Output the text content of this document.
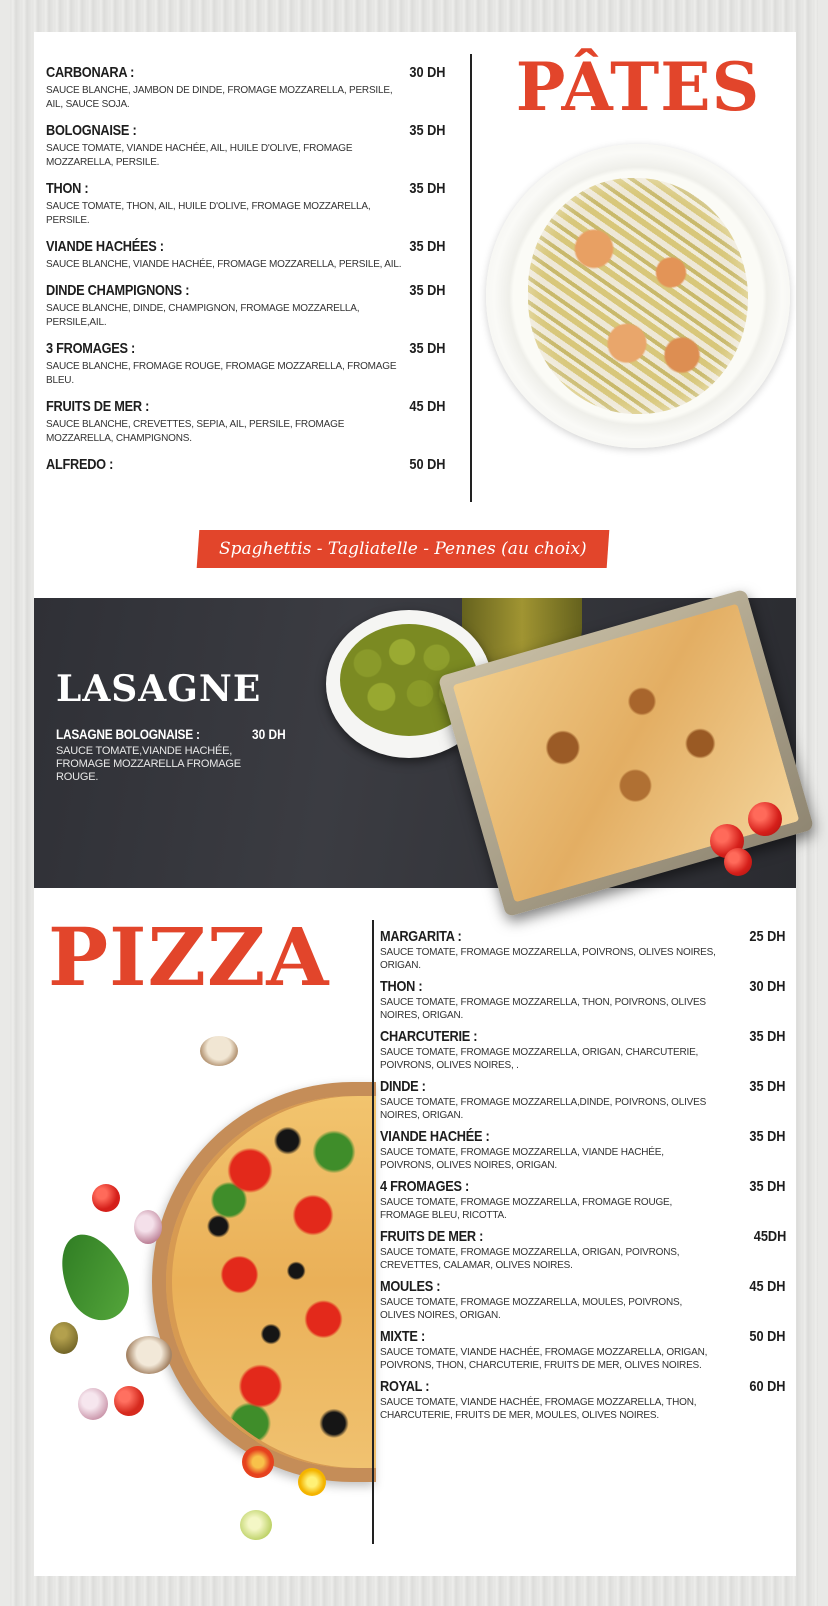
CARBONARA :	30 DH
SAUCE BLANCHE, JAMBON DE DINDE, FROMAGE MOZZARELLA, PERSILE, AIL, SAUCE SOJA.
BOLOGNAISE :	35 DH
SAUCE TOMATE, VIANDE HACHÉE, AIL, HUILE D'OLIVE, FROMAGE MOZZARELLA, PERSILE.
THON :	35 DH
SAUCE TOMATE, THON, AIL, HUILE D'OLIVE, FROMAGE MOZZARELLA, PERSILE.
VIANDE HACHÉES :	35 DH
SAUCE BLANCHE, VIANDE HACHÉE, FROMAGE MOZZARELLA, PERSILE, AIL.
DINDE CHAMPIGNONS :	35 DH
SAUCE BLANCHE, DINDE, CHAMPIGNON, FROMAGE MOZZARELLA, PERSILE,AIL.
3 FROMAGES :	35 DH
SAUCE BLANCHE, FROMAGE ROUGE, FROMAGE MOZZARELLA, FROMAGE BLEU.
FRUITS DE MER :	45 DH
SAUCE BLANCHE, CREVETTES, SEPIA, AIL, PERSILE, FROMAGE MOZZARELLA, CHAMPIGNONS.
ALFREDO :	50 DH
PÂTES
Spaghettis - Tagliatelle - Pennes (au choix)
LASAGNE
LASAGNE BOLOGNAISE :	30 DH
SAUCE TOMATE,VIANDE HACHÉE, FROMAGE MOZZARELLA FROMAGE ROUGE.
PIZZA	MARGARITA :	25 DH
SAUCE TOMATE, FROMAGE MOZZARELLA, POIVRONS, OLIVES NOIRES, ORIGAN.
THON :	30 DH
SAUCE TOMATE, FROMAGE MOZZARELLA, THON, POIVRONS, OLIVES NOIRES, ORIGAN.
CHARCUTERIE :	35 DH
SAUCE TOMATE, FROMAGE MOZZARELLA, ORIGAN, CHARCUTERIE, POIVRONS, OLIVES NOIRES, .
DINDE :	35 DH
SAUCE TOMATE, FROMAGE MOZZARELLA,DINDE, POIVRONS, OLIVES NOIRES, ORIGAN.
VIANDE HACHÉE :	35 DH
SAUCE TOMATE, FROMAGE MOZZARELLA, VIANDE HACHÉE, POIVRONS, OLIVES NOIRES, ORIGAN.
4 FROMAGES :	35 DH
SAUCE TOMATE, FROMAGE MOZZARELLA, FROMAGE ROUGE, FROMAGE BLEU, RICOTTA.
FRUITS DE MER :	45DH
SAUCE TOMATE, FROMAGE MOZZARELLA, ORIGAN, POIVRONS, CREVETTES, CALAMAR, OLIVES NOIRES.
MOULES :	45 DH
SAUCE TOMATE, FROMAGE MOZZARELLA, MOULES, POIVRONS, OLIVES NOIRES, ORIGAN.
MIXTE :	50 DH
SAUCE TOMATE, VIANDE HACHÉE, FROMAGE MOZZARELLA, ORIGAN, POIVRONS, THON, CHARCUTERIE, FRUITS DE MER, OLIVES NOIRES.
ROYAL :	60 DH
SAUCE TOMATE, VIANDE HACHÉE, FROMAGE MOZZARELLA, THON, CHARCUTERIE, FRUITS DE MER, MOULES, OLIVES NOIRES.
